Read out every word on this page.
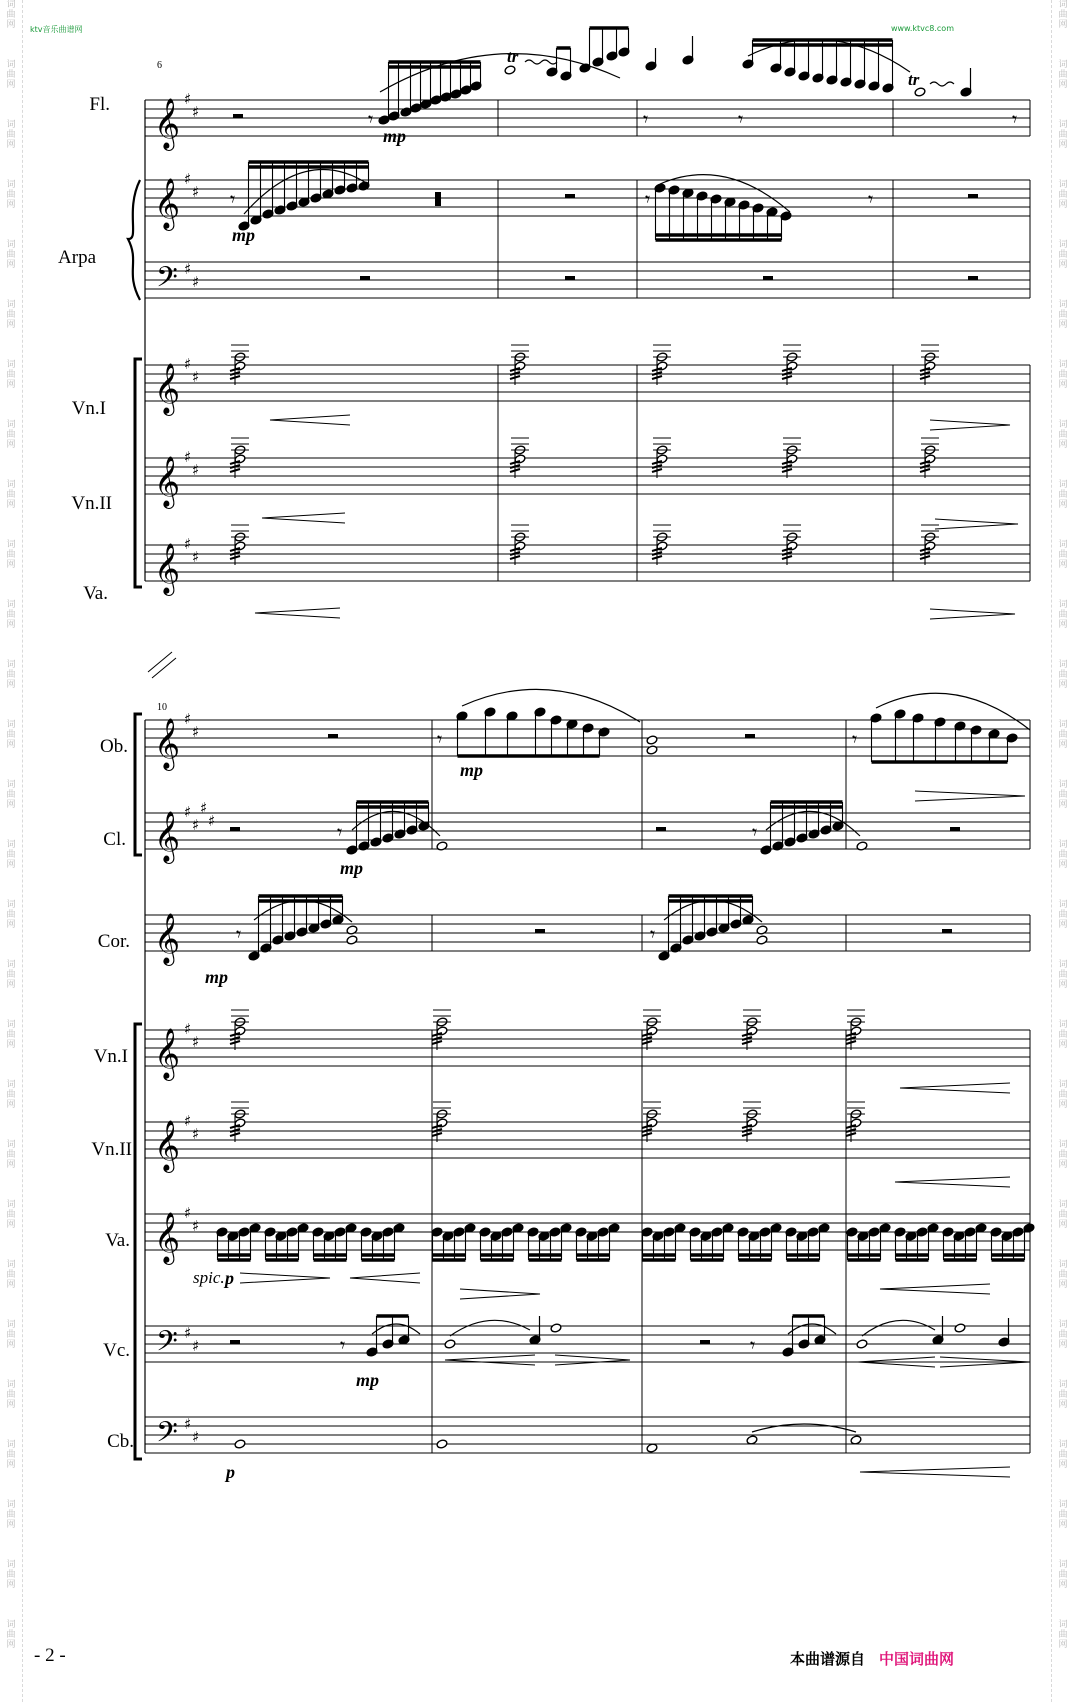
ktv音乐曲谱网	www.ktvc8.com
词
曲
网
词
曲
网
词
曲
网
词
曲
网
词
曲
网
词
曲
网
词
曲
网
词
曲
网
词
曲
网
词
曲
网
词
曲
网
词
曲
网
词
曲
网
词
曲
网
词
曲
网
词
曲
网
词
曲
网
词
曲
网
词
曲
网
词
曲
网
词
曲
网
词
曲
网
词
曲
网
词
曲
网
词
曲
网
词
曲
网
词
曲
网
词
曲
网
词
曲
网
词
曲
网
词
曲
网
词
曲
网
词
曲
网
词
曲
网
词
曲
网
词
曲
网
词
曲
网
词
曲
网
词
曲
网
词
曲
网
词
曲
网
词
曲
网
词
曲
网
词
曲
网
词
曲
网
词
曲
网
词
曲
网
词
曲
网
词
曲
网
词
曲
网
词
曲
网
词
曲
网
词
曲
网
词
曲
网
词
曲
网
词
曲
网
𝄞 ♯
♯
𝄞 ♯
♯
𝄢 ♯
♯
𝄞 ♯
♯
𝄞 ♯
♯
𝄞 ♯
♯
𝄾	𝄾	𝄾	𝄾
𝄾	𝄾	𝄾
𝄞 ♯
♯
𝄞 ♯
♯
♯
♯
𝄞
𝄞 ♯
♯
𝄞 ♯
♯
𝄞 ♯
♯
𝄢 ♯
♯
𝄢 ♯
♯
𝄾	𝄾
𝄾	𝄾
𝄾	𝄾
𝄾	𝄾
6
Fl.
Arpa
Vn.I
Vn.II
Va.
mp
mp
tr
tr
10
Ob.
Cl.
Cor.
Vn.I
Vn.II
Va.
Vc.
Cb.
mp
mp
mp
spic. p
mp
p
- 2 -	本曲谱源自 中国词曲网
